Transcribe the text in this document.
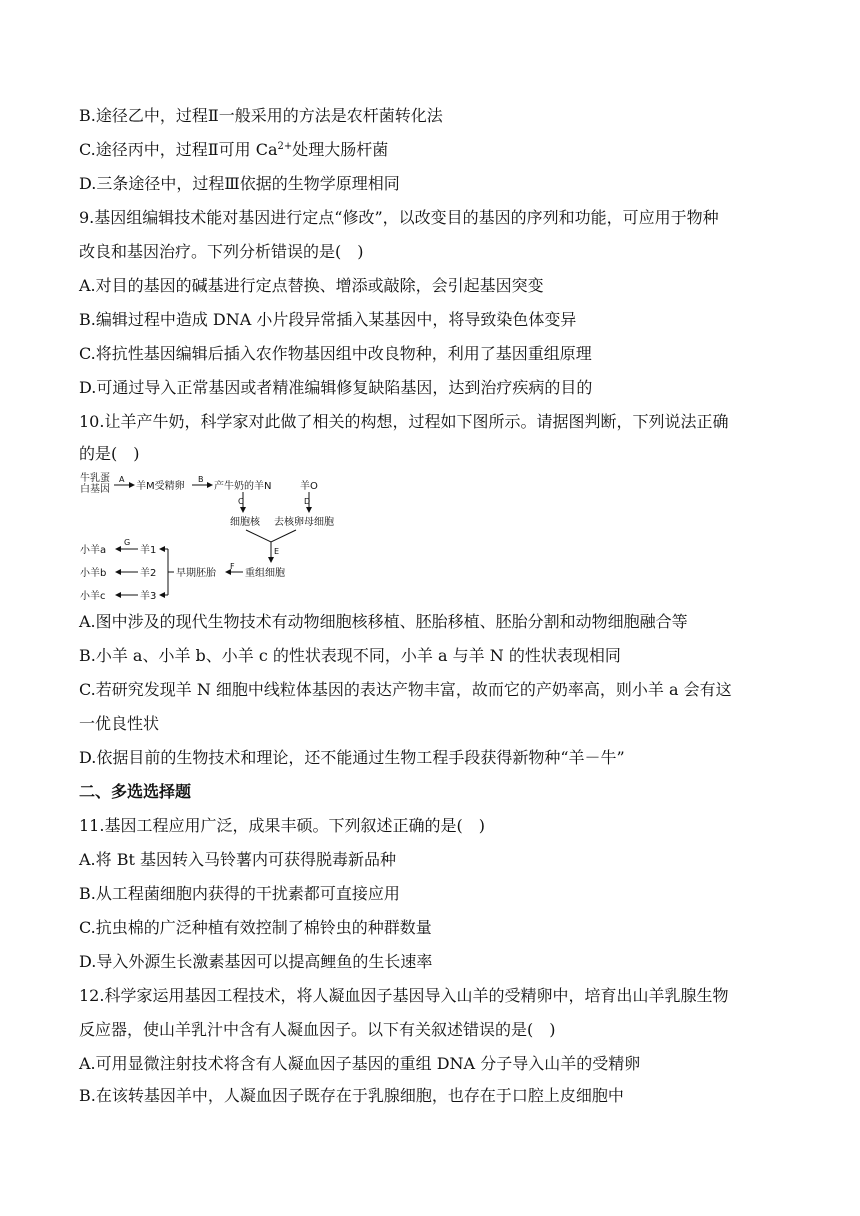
B.途径乙中，过程Ⅱ一般采用的方法是农杆菌转化法
C.途径丙中，过程Ⅱ可用 $Ca^{2+}$处理大肠杆菌
D.三条途径中，过程Ⅲ依据的生物学原理相同
9.基因组编辑技术能对基因进行定点“修改”，以改变目的基因的序列和功能，可应用于物种
改良和基因治疗。下列分析错误的是(　)
A.对目的基因的碱基进行定点替换、增添或敲除，会引起基因突变
B.编辑过程中造成 DNA 小片段异常插入某基因中，将导致染色体变异
C.将抗性基因编辑后插入农作物基因组中改良物种，利用了基因重组原理
D.可通过导入正常基因或者精准编辑修复缺陷基因，达到治疗疾病的目的
10.让羊产牛奶，科学家对此做了相关的构想，过程如下图所示。请据图判断，下列说法正确
的是(　)
牛乳蛋
白基因
A
羊M受精卵
B
产牛奶的羊N	羊O
C	D
细胞核 去核卵母细胞
E
重组细胞
F
早期胚胎
羊1
羊2
羊3
G
小羊a
小羊b
小羊c
A.图中涉及的现代生物技术有动物细胞核移植、胚胎移植、胚胎分割和动物细胞融合等
B.小羊 a、小羊 b、小羊 c 的性状表现不同，小羊 a 与羊 N 的性状表现相同
C.若研究发现羊 N 细胞中线粒体基因的表达产物丰富，故而它的产奶率高，则小羊 a 会有这
一优良性状
D.依据目前的生物技术和理论，还不能通过生物工程手段获得新物种“羊－牛”
二、多选选择题
11.基因工程应用广泛，成果丰硕。下列叙述正确的是(　)
A.将 Bt 基因转入马铃薯内可获得脱毒新品种
B.从工程菌细胞内获得的干扰素都可直接应用
C.抗虫棉的广泛种植有效控制了棉铃虫的种群数量
D.导入外源生长激素基因可以提高鲤鱼的生长速率
12.科学家运用基因工程技术，将人凝血因子基因导入山羊的受精卵中，培育出山羊乳腺生物
反应器，使山羊乳汁中含有人凝血因子。以下有关叙述错误的是(　)
A.可用显微注射技术将含有人凝血因子基因的重组 DNA 分子导入山羊的受精卵
B.在该转基因羊中，人凝血因子既存在于乳腺细胞，也存在于口腔上皮细胞中
